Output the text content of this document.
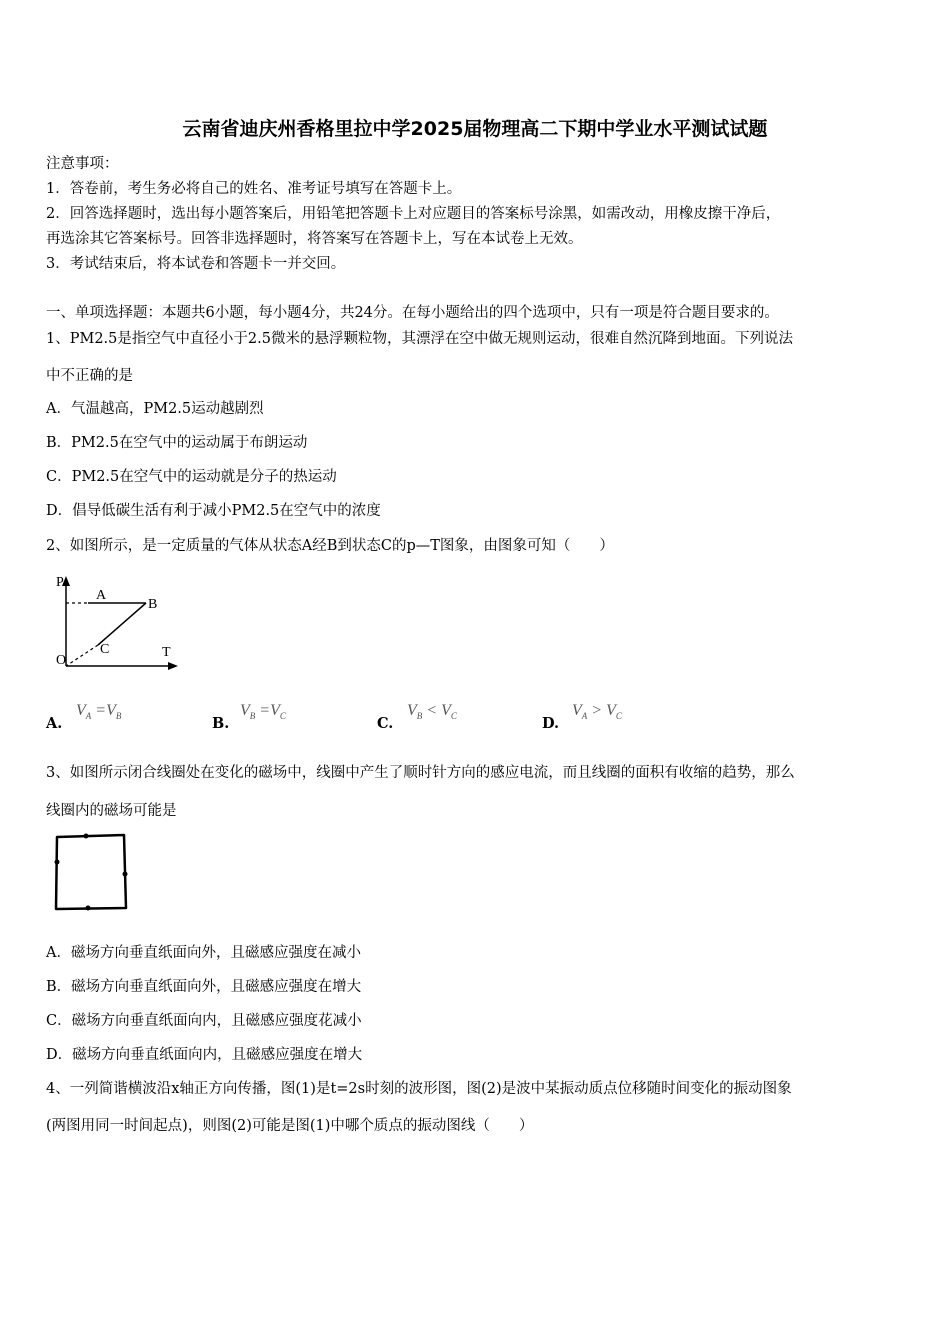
云南省迪庆州香格里拉中学2025届物理高二下期中学业水平测试试题
注意事项：
1．答卷前，考生务必将自己的姓名、准考证号填写在答题卡上。
2．回答选择题时，选出每小题答案后，用铅笔把答题卡上对应题目的答案标号涂黑，如需改动，用橡皮擦干净后，
再选涂其它答案标号。回答非选择题时，将答案写在答题卡上，写在本试卷上无效。
3．考试结束后，将本试卷和答题卡一并交回。
一、单项选择题：本题共6小题，每小题4分，共24分。在每小题给出的四个选项中，只有一项是符合题目要求的。
1、PM2.5是指空气中直径小于2.5微米的悬浮颗粒物，其漂浮在空中做无规则运动，很难自然沉降到地面。下列说法
中不正确的是
A．气温越高，PM2.5运动越剧烈
B．PM2.5在空气中的运动属于布朗运动
C．PM2.5在空气中的运动就是分子的热运动
D．倡导低碳生活有利于减小PM2.5在空气中的浓度
2、如图所示，是一定质量的气体从状态A经B到状态C的p—T图象，由图象可知（　　）
P
T
O
A
B
C
A.
$V_A =V_B$	B.
$V_B =V_C$	C.
$V_B < V_C$	D.
$V_A > V_C$
3、如图所示闭合线圈处在变化的磁场中，线圈中产生了顺时针方向的感应电流，而且线圈的面积有收缩的趋势，那么
线圈内的磁场可能是
A．磁场方向垂直纸面向外，且磁感应强度在减小
B．磁场方向垂直纸面向外，且磁感应强度在增大
C．磁场方向垂直纸面向内，且磁感应强度花减小
D．磁场方向垂直纸面向内，且磁感应强度在增大
4、一列简谐横波沿x轴正方向传播，图(1)是t=2s时刻的波形图，图(2)是波中某振动质点位移随时间变化的振动图象
(两图用同一时间起点)，则图(2)可能是图(1)中哪个质点的振动图线（　　）
